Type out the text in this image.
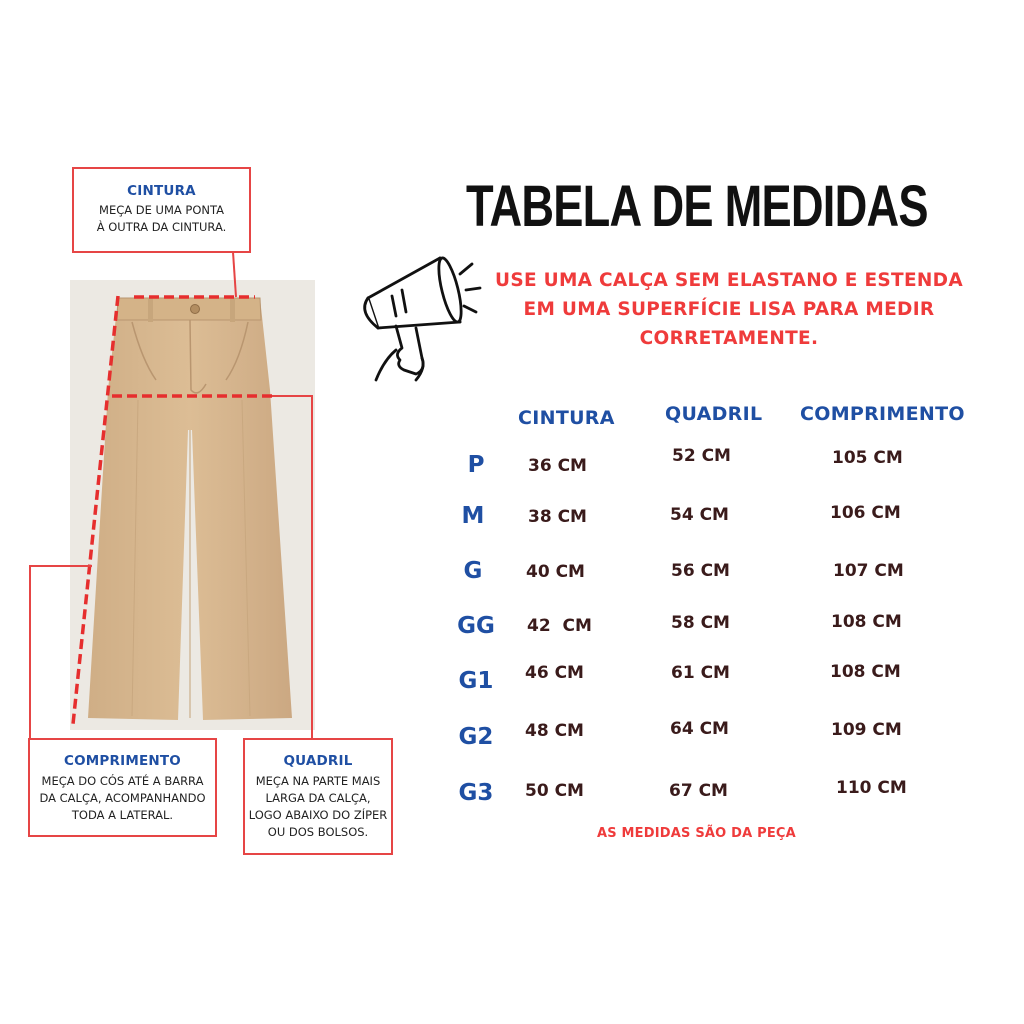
CINTURA
MEÇA DE UMA PONTA
À OUTRA DA CINTURA.
COMPRIMENTO
MEÇA DO CÓS ATÉ A BARRA
DA CALÇA, ACOMPANHANDO
TODA A LATERAL.
QUADRIL
MEÇA NA PARTE MAIS
LARGA DA CALÇA,
LOGO ABAIXO DO ZÍPER
OU DOS BOLSOS.
TABELA DE MEDIDAS
USE UMA CALÇA SEM ELASTANO E ESTENDA EM UMA SUPERFÍCIE LISA PARA MEDIR CORRETAMENTE.
CINTURA	QUADRIL COMPRIMENTO
P
M
G
GG
G1
G2
G3
36 CM
38 CM
40 CM
42  CM
46 CM
48 CM
50 CM
52 CM
54 CM
56 CM
58 CM
61 CM
64 CM
67 CM
105 CM
106 CM
107 CM
108 CM
108 CM
109 CM
110 CM
AS MEDIDAS SÃO DA PEÇA
